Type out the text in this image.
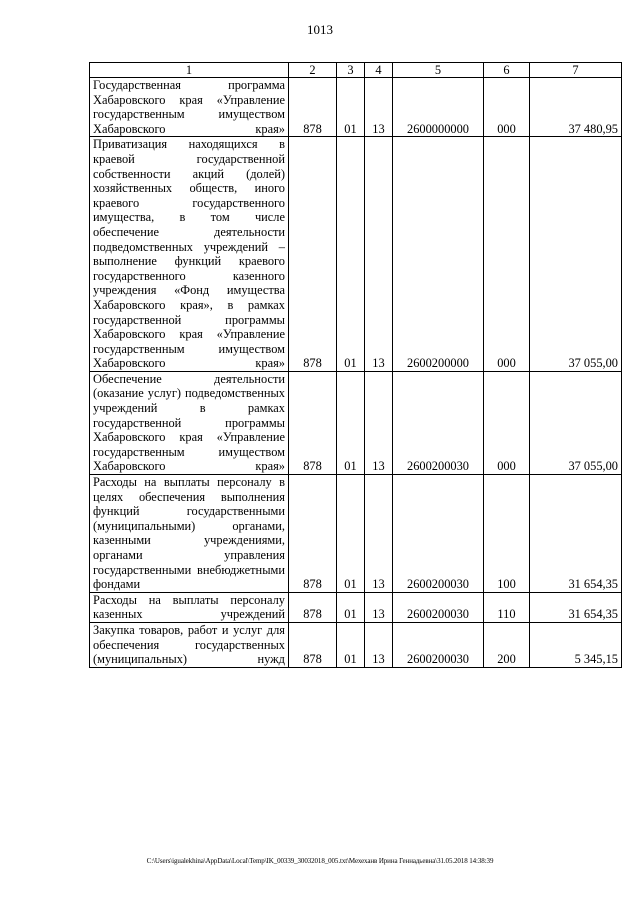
1013
1	2	3	4	5	6	7
Государственная программа Хабаровского края «Управление государственным имуществом Хабаровского края»	878	01	13	2600000000	000	37 480,95
Приватизация находящихся в краевой государственной собственности акций (долей) хозяйственных обществ, иного краевого государственного имущества, в том числе обеспечение деятельности подведомственных учреждений – выполнение функций краевого государственного казенного учреждения «Фонд имущества Хабаровского края», в рамках государственной программы Хабаровского края «Управление государственным имуществом Хабаровского края»	878	01	13	2600200000	000	37 055,00
Обеспечение деятельности (оказание услуг) подведомственных учреждений в рамках государственной программы Хабаровского края «Управление государственным имуществом Хабаровского края»	878	01	13	2600200030	000	37 055,00
Расходы на выплаты персоналу в целях обеспечения выполнения функций государственными (муниципальными) органами, казенными учреждениями, органами управления государственными внебюджетными фондами	878	01	13	2600200030	100	31 654,35
Расходы на выплаты персоналу казенных учреждений	878	01	13	2600200030	110	31 654,35
Закупка товаров, работ и услуг для обеспечения государственных (муниципальных) нужд	878	01	13	2600200030	200	5 345,15
C:\Users\igualekhina\AppData\Local\Temp\IK_00339_30032018_005.txt\Мехеханв Ирина Геннадьевна\31.05.2018 14:38:39
